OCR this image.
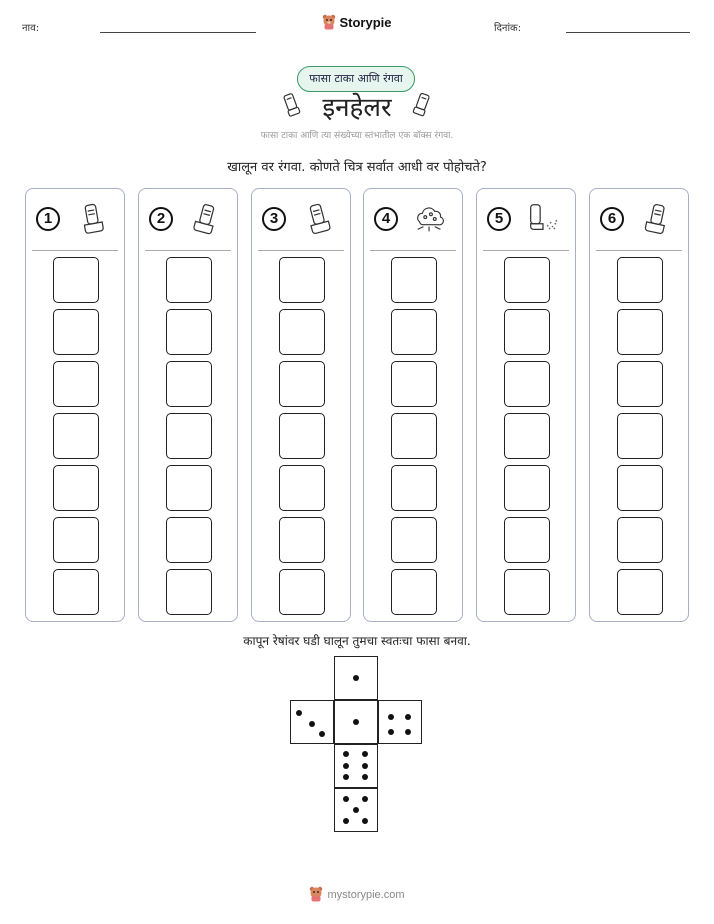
नाव:	Storypie	दिनांक:
फासा टाका आणि रंगवा
इनहेलर
फासा टाका आणि त्या संख्येच्या स्तंभातील एक बॉक्स रंगवा.
खालून वर रंगवा. कोणते चित्र सर्वात आधी वर पोहोचते?
1	2	3	4	5	6
कापून रेषांवर घडी घालून तुमचा स्वतःचा फासा बनवा.
mystorypie.com
